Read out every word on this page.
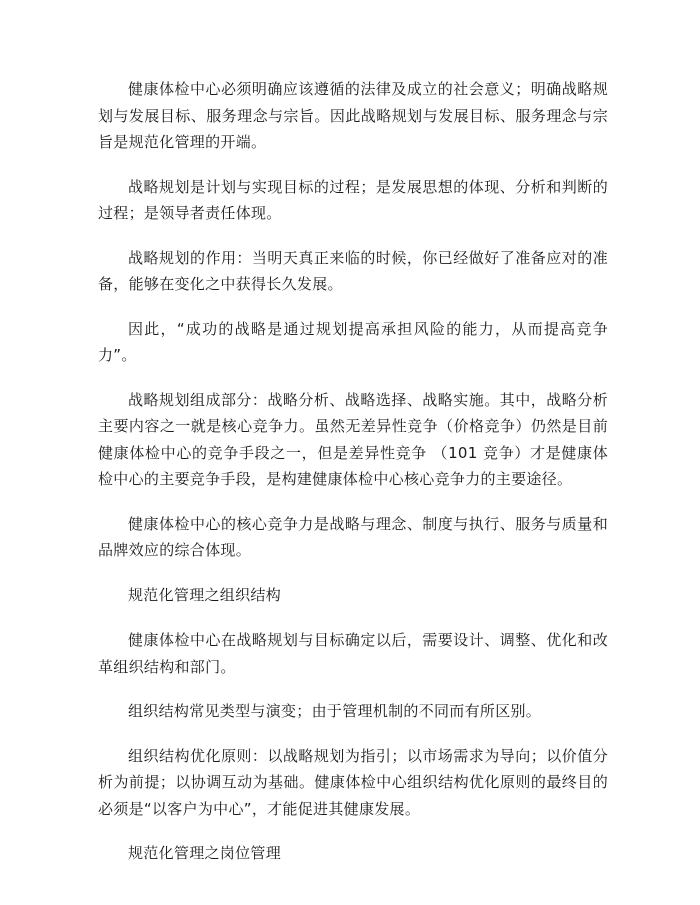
健康体检中心必须明确应该遵循的法律及成立的社会意义；明确战略规划与发展目标、服务理念与宗旨。因此战略规划与发展目标、服务理念与宗旨是规范化管理的开端。

战略规划是计划与实现目标的过程；是发展思想的体现、分析和判断的过程；是领导者责任体现。

战略规划的作用：当明天真正来临的时候，你已经做好了准备应对的准备，能够在变化之中获得长久发展。

因此，“成功的战略是通过规划提高承担风险的能力，从而提高竞争力”。

战略规划组成部分：战略分析、战略选择、战略实施。其中，战略分析主要内容之一就是核心竞争力。虽然无差异性竞争（价格竞争）仍然是目前健康体检中心的竞争手段之一，但是差异性竞争 （101 竞争）才是健康体检中心的主要竞争手段，是构建健康体检中心核心竞争力的主要途径。

健康体检中心的核心竞争力是战略与理念、制度与执行、服务与质量和品牌效应的综合体现。

规范化管理之组织结构

健康体检中心在战略规划与目标确定以后，需要设计、调整、优化和改革组织结构和部门。

组织结构常见类型与演变；由于管理机制的不同而有所区别。

组织结构优化原则：以战略规划为指引；以市场需求为导向；以价值分析为前提；以协调互动为基础。健康体检中心组织结构优化原则的最终目的必须是“以客户为中心”，才能促进其健康发展。

规范化管理之岗位管理
